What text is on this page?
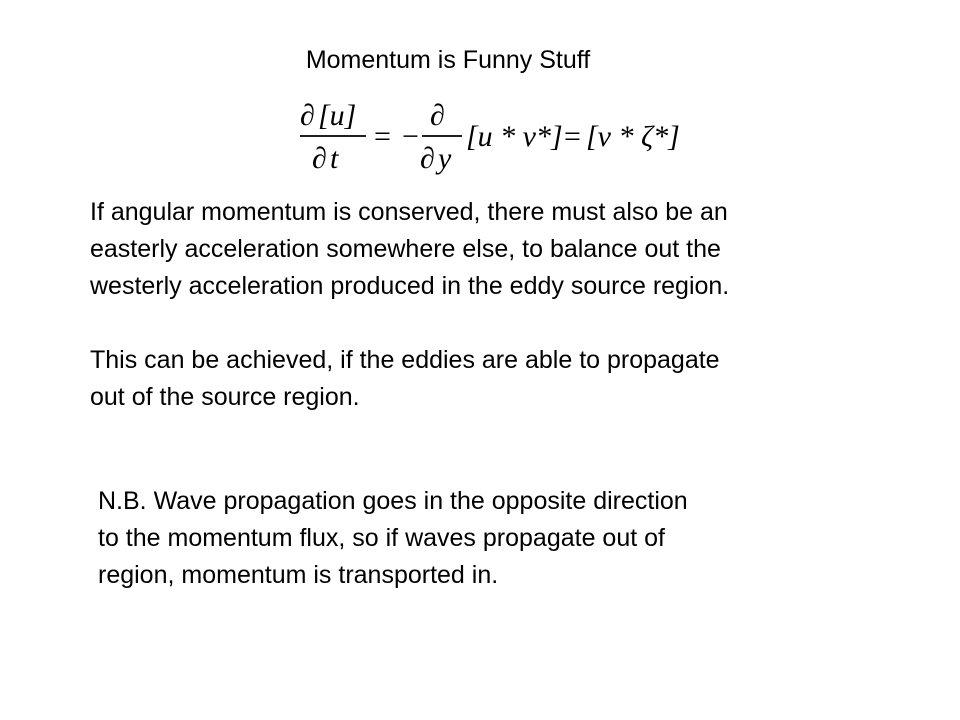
Momentum is Funny Stuff
∂ [u]
∂ t
= −
∂
∂ y
[u * v*] = [v * ζ*]

If angular momentum is conserved, there must also be an
easterly acceleration somewhere else, to balance out the
westerly acceleration produced in the eddy source region.

This can be achieved, if the eddies are able to propagate
out of the source region.

N.B. Wave propagation goes in the opposite direction
to the momentum flux, so if waves propagate out of
region, momentum is transported in.
